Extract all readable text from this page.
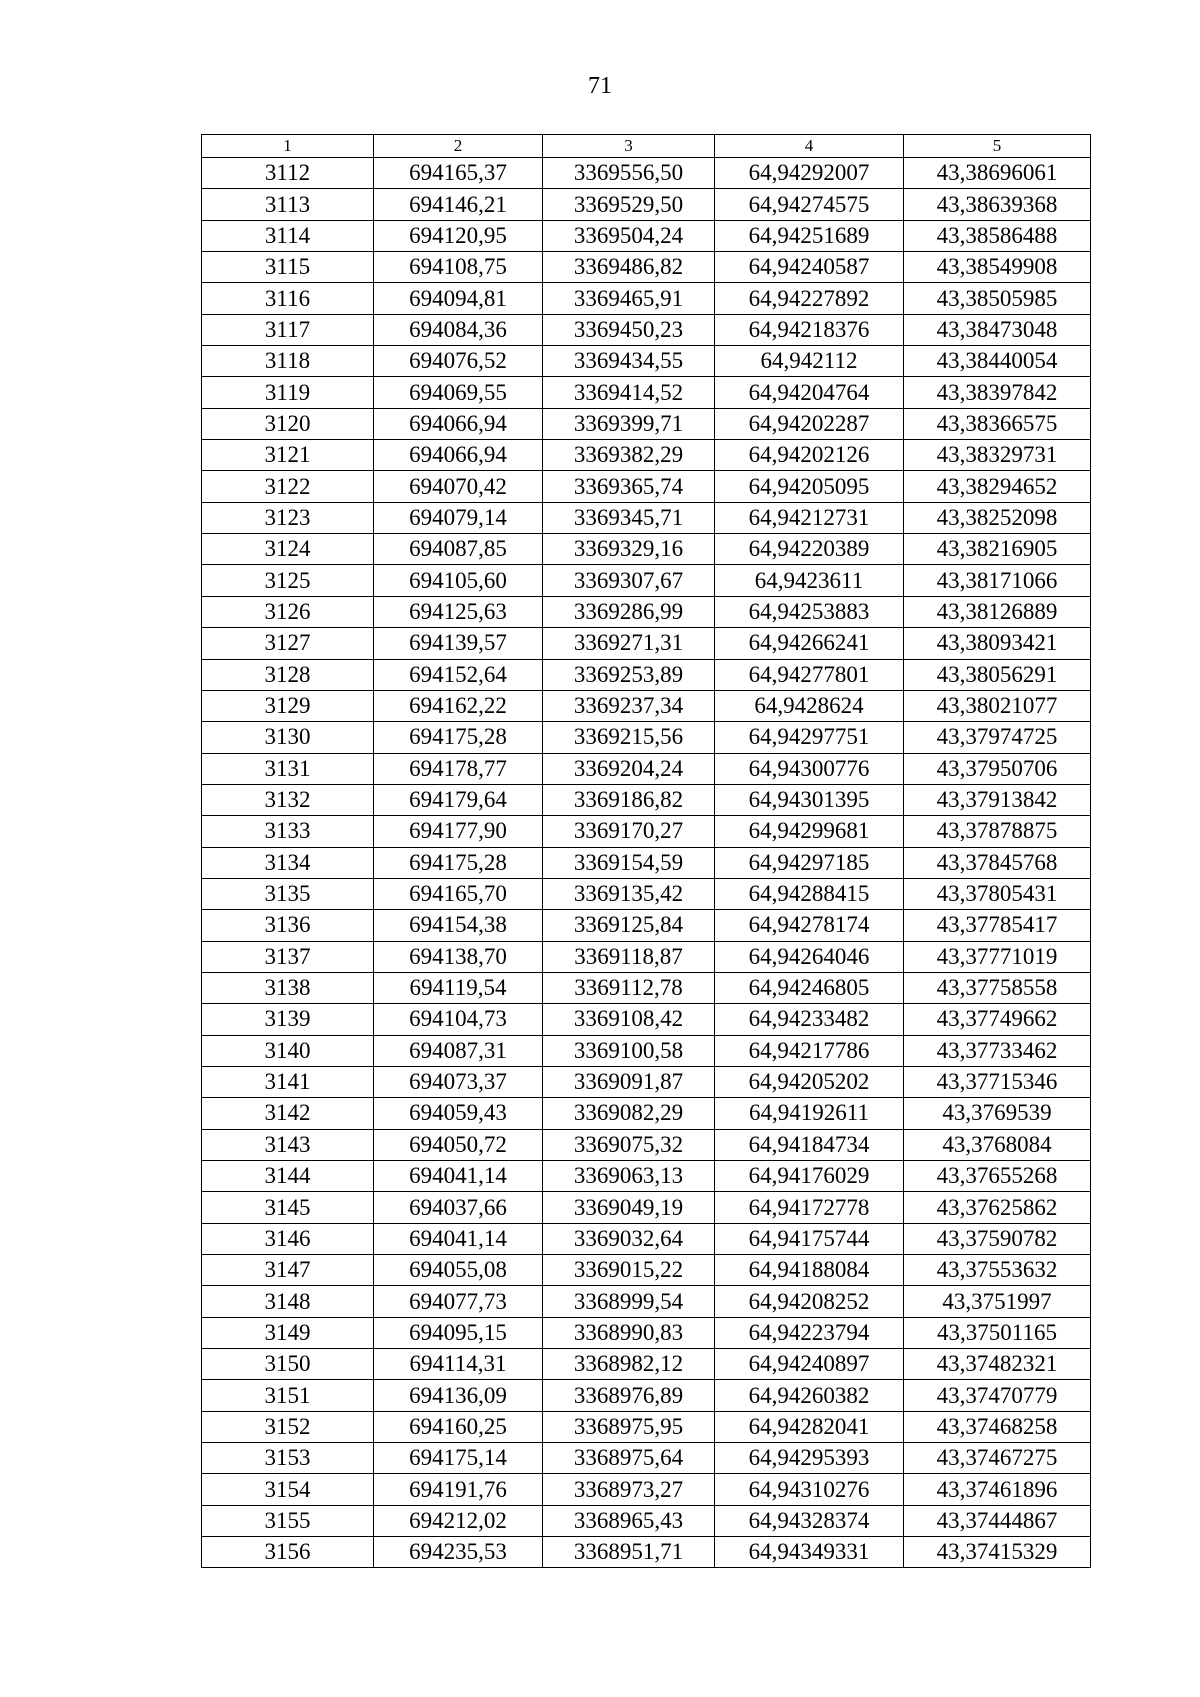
71
1	2	3	4	5
3112	694165,37	3369556,50	64,94292007	43,38696061
3113	694146,21	3369529,50	64,94274575	43,38639368
3114	694120,95	3369504,24	64,94251689	43,38586488
3115	694108,75	3369486,82	64,94240587	43,38549908
3116	694094,81	3369465,91	64,94227892	43,38505985
3117	694084,36	3369450,23	64,94218376	43,38473048
3118	694076,52	3369434,55	64,942112	43,38440054
3119	694069,55	3369414,52	64,94204764	43,38397842
3120	694066,94	3369399,71	64,94202287	43,38366575
3121	694066,94	3369382,29	64,94202126	43,38329731
3122	694070,42	3369365,74	64,94205095	43,38294652
3123	694079,14	3369345,71	64,94212731	43,38252098
3124	694087,85	3369329,16	64,94220389	43,38216905
3125	694105,60	3369307,67	64,9423611	43,38171066
3126	694125,63	3369286,99	64,94253883	43,38126889
3127	694139,57	3369271,31	64,94266241	43,38093421
3128	694152,64	3369253,89	64,94277801	43,38056291
3129	694162,22	3369237,34	64,9428624	43,38021077
3130	694175,28	3369215,56	64,94297751	43,37974725
3131	694178,77	3369204,24	64,94300776	43,37950706
3132	694179,64	3369186,82	64,94301395	43,37913842
3133	694177,90	3369170,27	64,94299681	43,37878875
3134	694175,28	3369154,59	64,94297185	43,37845768
3135	694165,70	3369135,42	64,94288415	43,37805431
3136	694154,38	3369125,84	64,94278174	43,37785417
3137	694138,70	3369118,87	64,94264046	43,37771019
3138	694119,54	3369112,78	64,94246805	43,37758558
3139	694104,73	3369108,42	64,94233482	43,37749662
3140	694087,31	3369100,58	64,94217786	43,37733462
3141	694073,37	3369091,87	64,94205202	43,37715346
3142	694059,43	3369082,29	64,94192611	43,3769539
3143	694050,72	3369075,32	64,94184734	43,3768084
3144	694041,14	3369063,13	64,94176029	43,37655268
3145	694037,66	3369049,19	64,94172778	43,37625862
3146	694041,14	3369032,64	64,94175744	43,37590782
3147	694055,08	3369015,22	64,94188084	43,37553632
3148	694077,73	3368999,54	64,94208252	43,3751997
3149	694095,15	3368990,83	64,94223794	43,37501165
3150	694114,31	3368982,12	64,94240897	43,37482321
3151	694136,09	3368976,89	64,94260382	43,37470779
3152	694160,25	3368975,95	64,94282041	43,37468258
3153	694175,14	3368975,64	64,94295393	43,37467275
3154	694191,76	3368973,27	64,94310276	43,37461896
3155	694212,02	3368965,43	64,94328374	43,37444867
3156	694235,53	3368951,71	64,94349331	43,37415329
